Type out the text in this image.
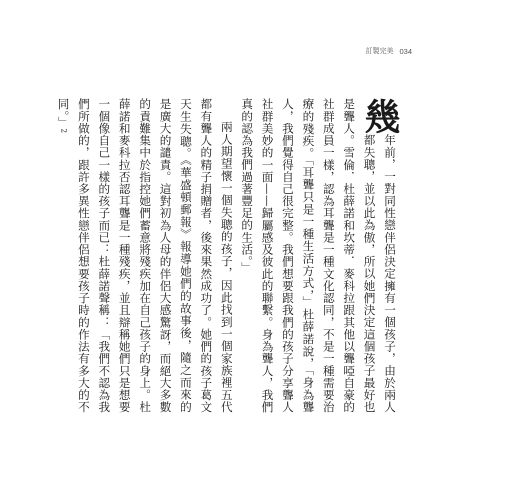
訂製完美 034

幾
年前，一對同性戀伴侶決定擁有一個孩子，由於兩人都失聰，並以此為傲，所以她們決定這個孩子最好也是聾人。雪倫．杜薛諾和坎蒂．麥科拉跟其他以聾啞自豪的社群成員一樣，認為耳聾是一種文化認同，不是一種需要治療的殘疾。「耳聾只是一種生活方式，」杜薛諾說，「身為聾人，我們覺得自己很完整。我們想要跟我們的孩子分享聾人社群美妙的一面——歸屬感及彼此的聯繫。身為聾人，我們真的認為我們過著豐足的生活。」

兩人期望懷一個失聰的孩子，因此找到一個家族裡五代都有聾人的精子捐贈者，後來果然成功了。她們的孩子葛文天生失聰。《華盛頓郵報》報導她們的故事後，隨之而來的是廣大的譴責。這對初為人母的伴侶大感驚訝，而絕大多數的責難集中於指控她們蓄意將殘疾加在自己孩子的身上。杜薛諾和麥科拉否認耳聾是一種殘疾，並且辯稱她們只是想要一個像自己一樣的孩子而已：杜薛諾聲稱：「我們不認為我們所做的，跟許多異性戀伴侶想要孩子時的作法有多大的不同。」$^2$
